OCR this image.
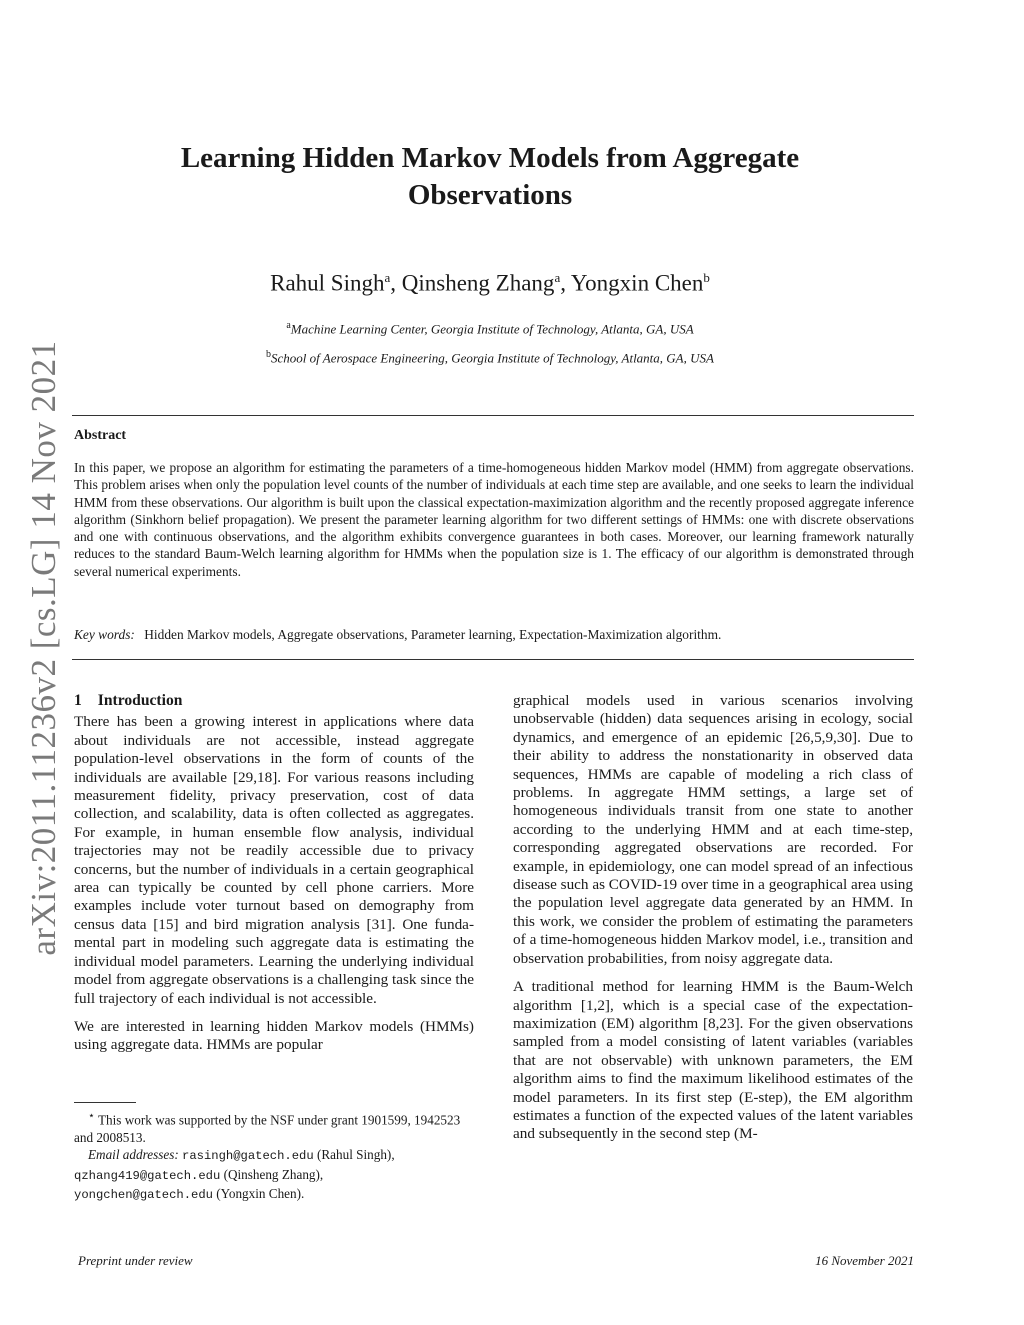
arXiv:2011.11236v2 [cs.LG] 14 Nov 2021
Learning Hidden Markov Models from Aggregate Observations
Rahul Singh$^a$, Qinsheng Zhang$^a$, Yongxin Chen$^b$
$^a$Machine Learning Center, Georgia Institute of Technology, Atlanta, GA, USA
$^b$School of Aerospace Engineering, Georgia Institute of Technology, Atlanta, GA, USA
Abstract
In this paper, we propose an algorithm for estimating the parameters of a time-homogeneous hidden Markov model (HMM) from aggregate observations. This problem arises when only the population level counts of the number of individuals at each time step are available, and one seeks to learn the individual HMM from these observations. Our algorithm is built upon the classical expectation-maximization algorithm and the recently proposed aggregate inference algorithm (Sinkhorn belief propagation). We present the parameter learning algorithm for two different settings of HMMs: one with discrete observations and one with continuous observations, and the algorithm exhibits convergence guarantees in both cases. Moreover, our learning framework naturally reduces to the standard Baum-Welch learning algorithm for HMMs when the population size is 1. The efficacy of our algorithm is demonstrated through several numerical experiments.
Key words: Hidden Markov models, Aggregate observations, Parameter learning, Expectation-Maximization algorithm.

1 Introduction

There has been a growing interest in applications where data about individuals are not accessible, instead aggregate population-level observations in the form of counts of the individuals are available [29,18]. For various reasons including measurement fidelity, privacy preservation, cost of data collection, and scalability, data is often collected as aggregates. For example, in human ensemble flow analysis, individual trajectories may not be readily accessible due to privacy concerns, but the number of individuals in a certain geographical area can typically be counted by cell phone carriers. More examples include voter turnout based on demography from census data [15] and bird migration analysis [31]. One fundamental part in modeling such aggregate data is estimating the individual model parameters. Learning the underlying individual model from aggregate observations is a challenging task since the full trajectory of each individual is not accessible.

We are interested in learning hidden Markov models (HMMs) using aggregate data. HMMs are popular

graphical models used in various scenarios involving unobservable (hidden) data sequences arising in ecology, social dynamics, and emergence of an epidemic [26,5,9,30]. Due to their ability to address the nonstationarity in observed data sequences, HMMs are capable of modeling a rich class of problems. In aggregate HMM settings, a large set of homogeneous individuals transit from one state to another according to the underlying HMM and at each time-step, corresponding aggregated observations are recorded. For example, in epidemiology, one can model spread of an infectious disease such as COVID-19 over time in a geographical area using the population level aggregate data generated by an HMM. In this work, we consider the problem of estimating the parameters of a time-homogeneous hidden Markov model, i.e., transition and observation probabilities, from noisy aggregate data.

A traditional method for learning HMM is the Baum-Welch algorithm [1,2], which is a special case of the expectation-maximization (EM) algorithm [8,23]. For the given observations sampled from a model consisting of latent variables (variables that are not observable) with unknown parameters, the EM algorithm aims to find the maximum likelihood estimates of the model parameters. In its first step (E-step), the EM algorithm estimates a function of the expected values of the latent variables and subsequently in the second step (M-

⋆ This work was supported by the NSF under grant 1901599, 1942523 and 2008513.

Email addresses: rasingh@gatech.edu (Rahul Singh),

qzhang419@gatech.edu (Qinsheng Zhang),

yongchen@gatech.edu (Yongxin Chen).

Preprint under review	16 November 2021
